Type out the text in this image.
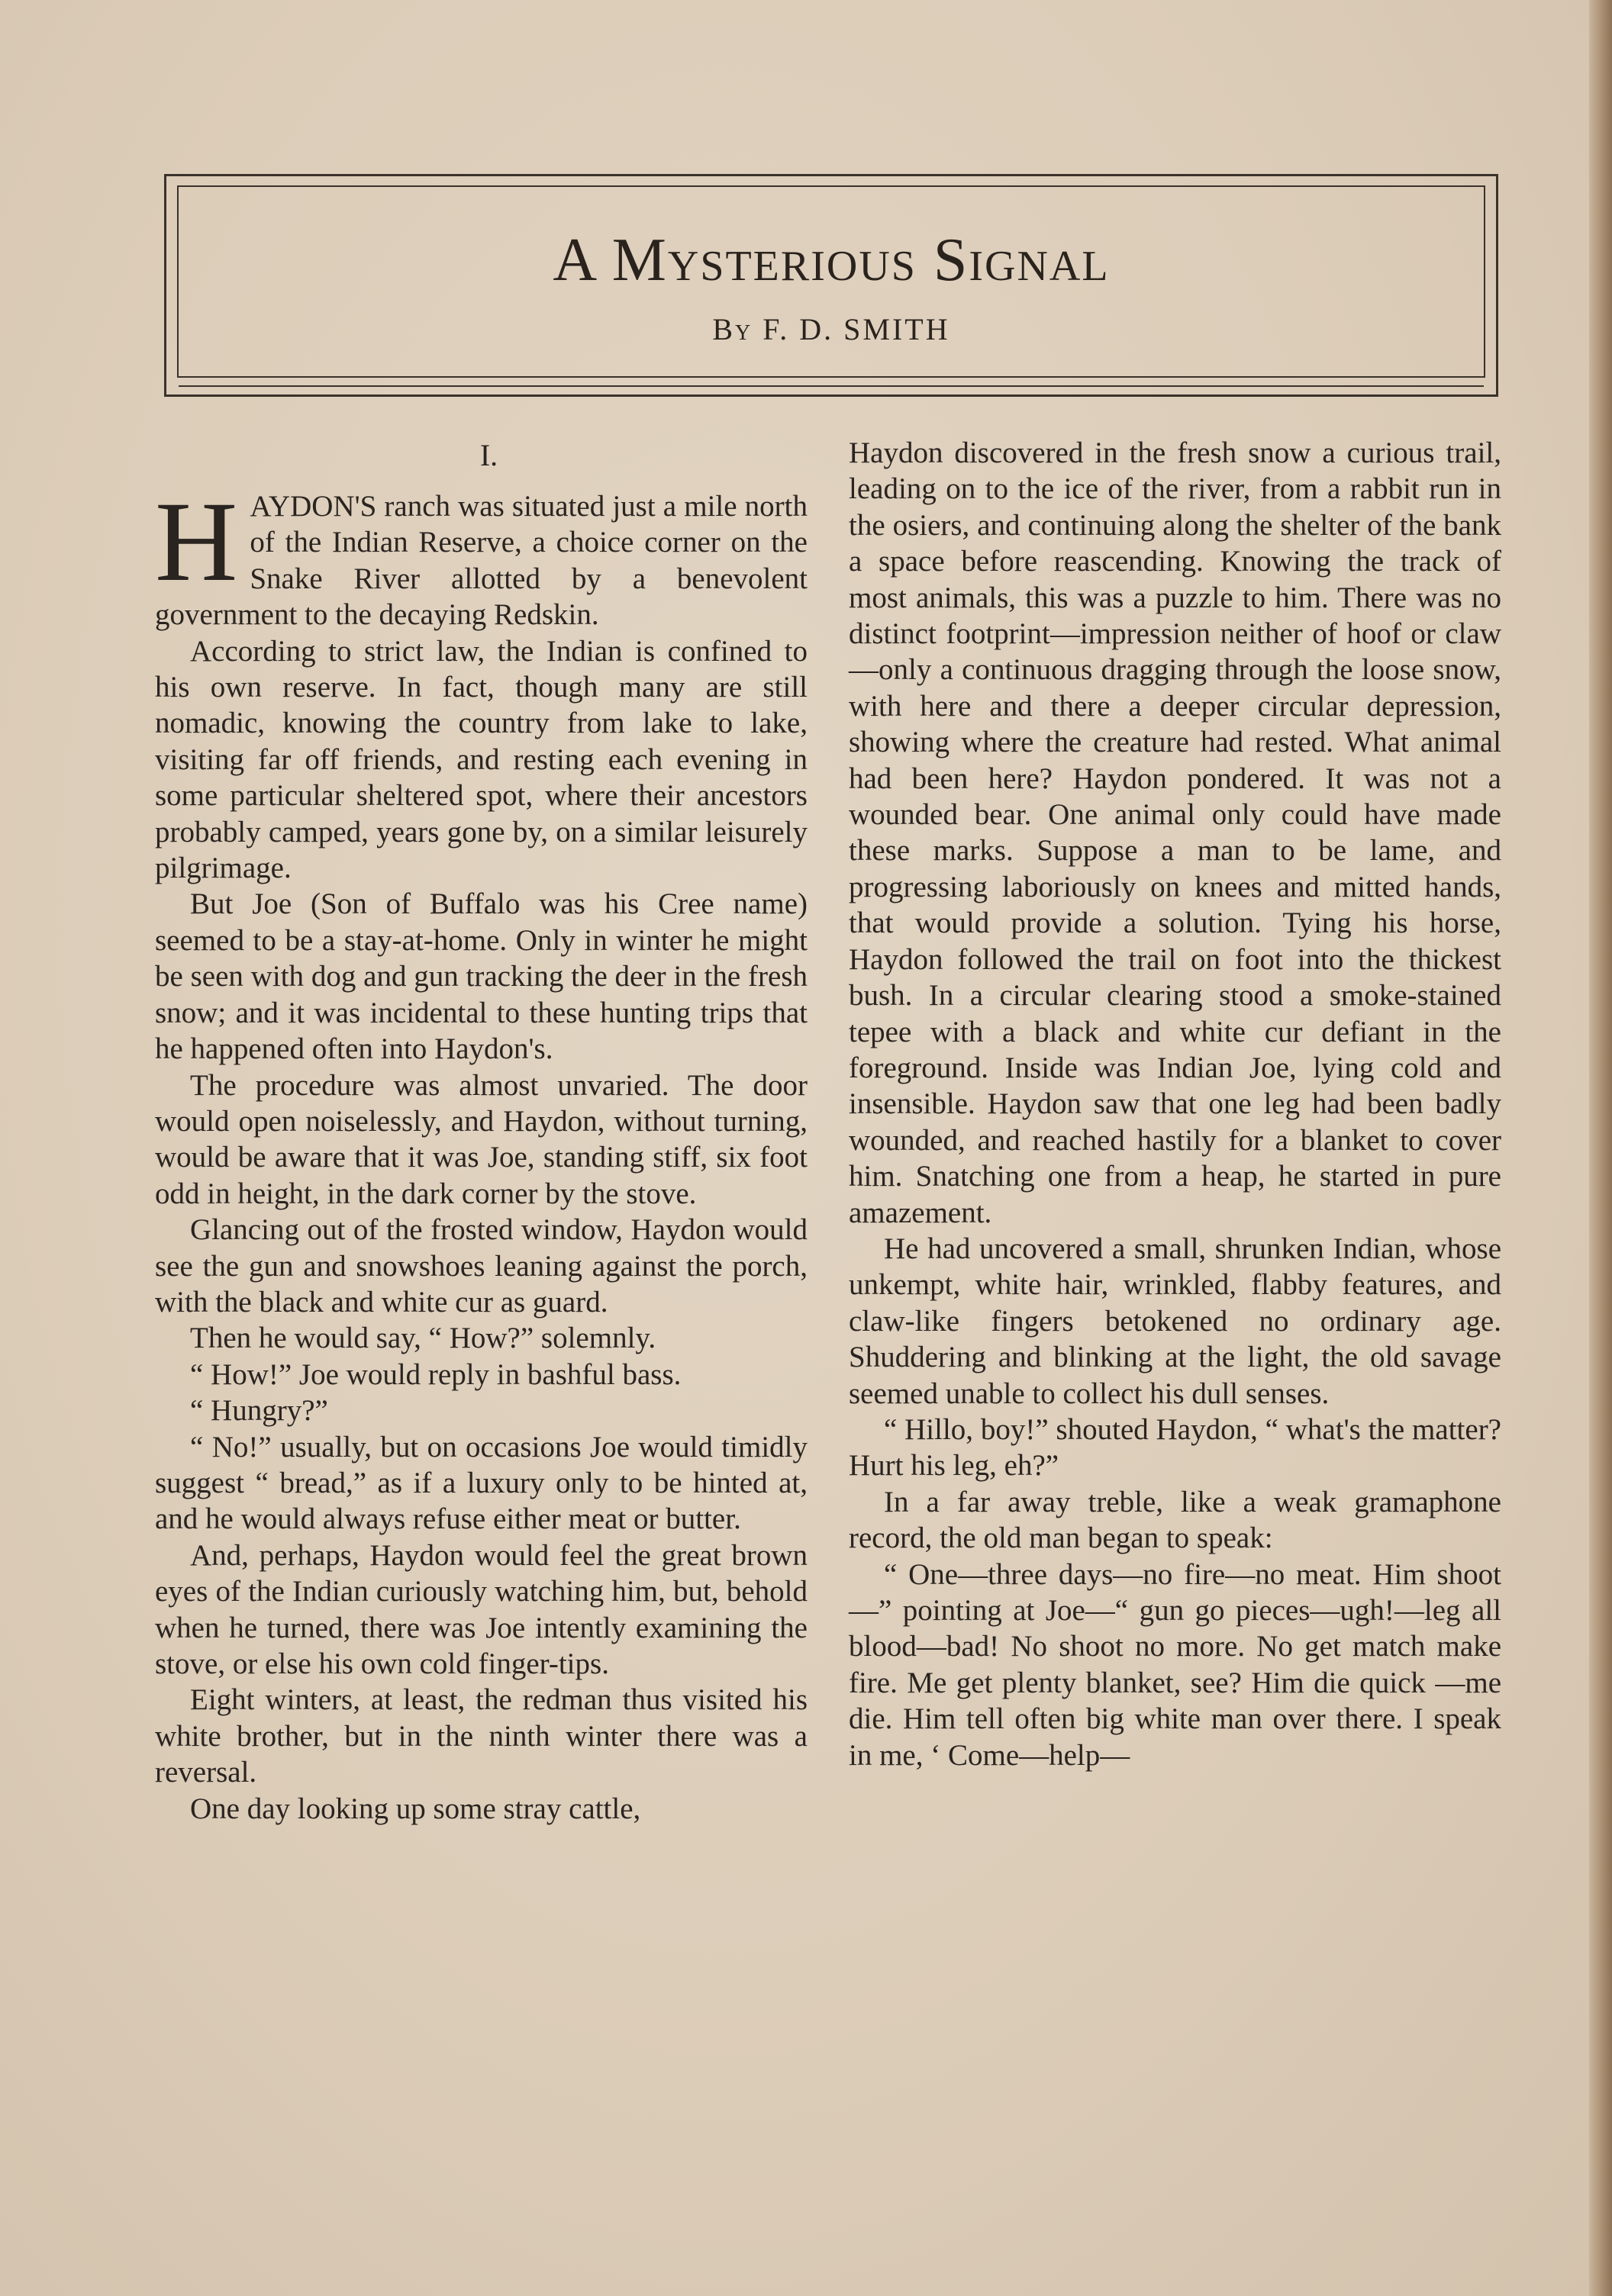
A Mysterious Signal
By F. D. SMITH
I.

HAYDON'S ranch was situated just a mile north of the Indian Reserve, a choice corner on the Snake River allotted by a benevolent government to the decaying Redskin.

According to strict law, the Indian is confined to his own reserve. In fact, though many are still nomadic, knowing the country from lake to lake, visiting far off friends, and resting each evening in some particular sheltered spot, where their ancestors probably camped, years gone by, on a similar leisurely pilgrimage.

But Joe (Son of Buffalo was his Cree name) seemed to be a stay-at-home. Only in winter he might be seen with dog and gun tracking the deer in the fresh snow; and it was incidental to these hunting trips that he happened often into Haydon's.

The procedure was almost unvaried. The door would open noiselessly, and Haydon, without turning, would be aware that it was Joe, standing stiff, six foot odd in height, in the dark corner by the stove.

Glancing out of the frosted window, Haydon would see the gun and snowshoes leaning against the porch, with the black and white cur as guard.

Then he would say, “ How?” solemnly.

“ How!” Joe would reply in bashful bass.

“ Hungry?”

“ No!” usually, but on occasions Joe would timidly suggest “ bread,” as if a luxury only to be hinted at, and he would always refuse either meat or butter.

And, perhaps, Haydon would feel the great brown eyes of the Indian curiously watching him, but, behold when he turned, there was Joe intently examining the stove, or else his own cold finger-tips.

Eight winters, at least, the redman thus visited his white brother, but in the ninth winter there was a reversal.

One day looking up some stray cattle,

Haydon discovered in the fresh snow a curious trail, leading on to the ice of the river, from a rabbit run in the osiers, and continuing along the shelter of the bank a space before reascending. Knowing the track of most animals, this was a puzzle to him. There was no distinct footprint—impression neither of hoof or claw—only a continuous dragging through the loose snow, with here and there a deeper circular depression, showing where the creature had rested. What animal had been here? Haydon pondered. It was not a wounded bear. One animal only could have made these marks. Suppose a man to be lame, and progressing laboriously on knees and mitted hands, that would provide a solution. Tying his horse, Haydon followed the trail on foot into the thickest bush. In a circular clearing stood a smoke-stained tepee with a black and white cur defiant in the foreground. Inside was Indian Joe, lying cold and insensible. Haydon saw that one leg had been badly wounded, and reached hastily for a blanket to cover him. Snatching one from a heap, he started in pure amazement.

He had uncovered a small, shrunken Indian, whose unkempt, white hair, wrinkled, flabby features, and claw-like fingers betokened no ordinary age. Shuddering and blinking at the light, the old savage seemed unable to collect his dull senses.

“ Hillo, boy!” shouted Haydon, “ what's the matter? Hurt his leg, eh?”

In a far away treble, like a weak gramaphone record, the old man began to speak:

“ One—three days—no fire—no meat. Him shoot—” pointing at Joe—“ gun go pieces—ugh!—leg all blood—bad! No shoot no more. No get match make fire. Me get plenty blanket, see? Him die quick —me die. Him tell often big white man over there. I speak in me, ‘ Come—help—
